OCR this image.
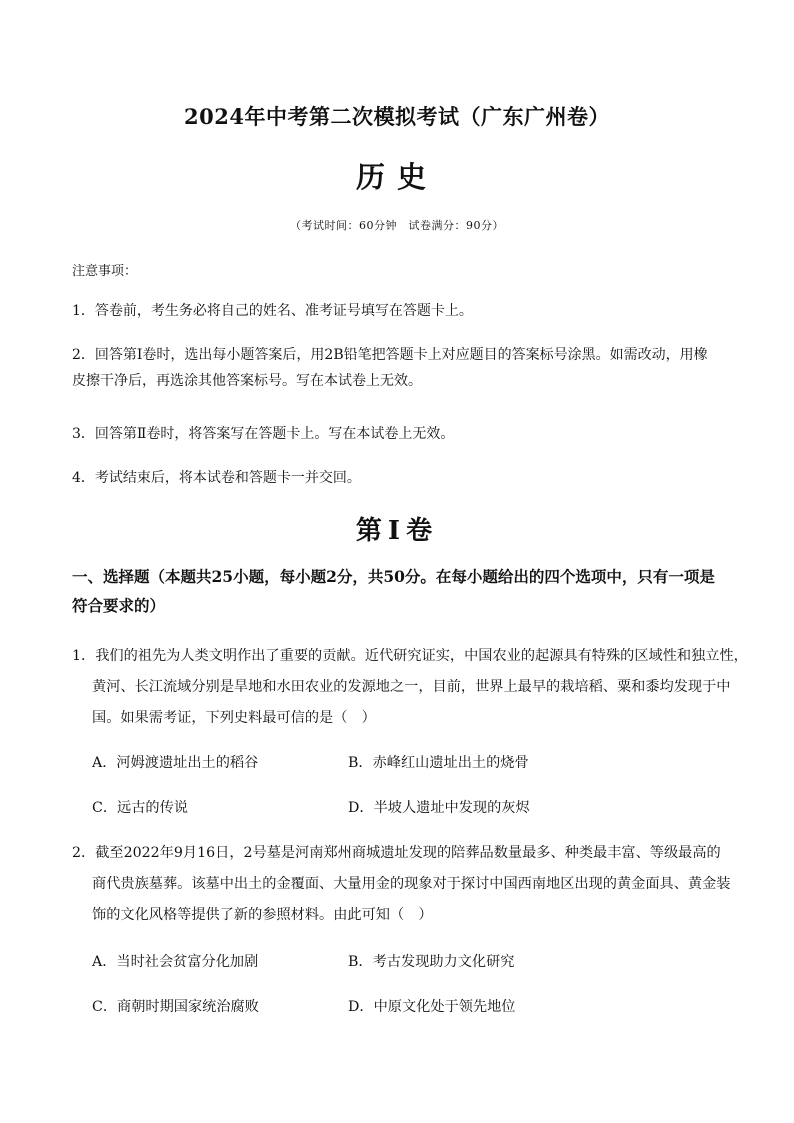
2024年中考第二次模拟考试（广东广州卷）
历史

（考试时间：60分钟　试卷满分：90分）

注意事项：

1．答卷前，考生务必将自己的姓名、准考证号填写在答题卡上。

2．回答第Ⅰ卷时，选出每小题答案后，用2B铅笔把答题卡上对应题目的答案标号涂黑。如需改动，用橡
皮擦干净后，再选涂其他答案标号。写在本试卷上无效。

3．回答第Ⅱ卷时，将答案写在答题卡上。写在本试卷上无效。

4．考试结束后，将本试卷和答题卡一并交回。

第Ⅰ卷

一、选择题（本题共25小题，每小题2分，共50分。在每小题给出的四个选项中，只有一项是符合要求的）

1．我们的祖先为人类文明作出了重要的贡献。近代研究证实，中国农业的起源具有特殊的区域性和独立性，

黄河、长江流域分别是旱地和水田农业的发源地之一，目前，世界上最早的栽培稻、粟和黍均发现于中

国。如果需考证，下列史料最可信的是（　）

A．河姆渡遗址出土的稻谷	B．赤峰红山遗址出土的烧骨

C．远古的传说	D．半坡人遗址中发现的灰烬

2．截至2022年9月16日，2号墓是河南郑州商城遗址发现的陪葬品数量最多、种类最丰富、等级最高的

商代贵族墓葬。该墓中出土的金覆面、大量用金的现象对于探讨中国西南地区出现的黄金面具、黄金装

饰的文化风格等提供了新的参照材料。由此可知（　）

A．当时社会贫富分化加剧	B．考古发现助力文化研究

C．商朝时期国家统治腐败	D．中原文化处于领先地位
